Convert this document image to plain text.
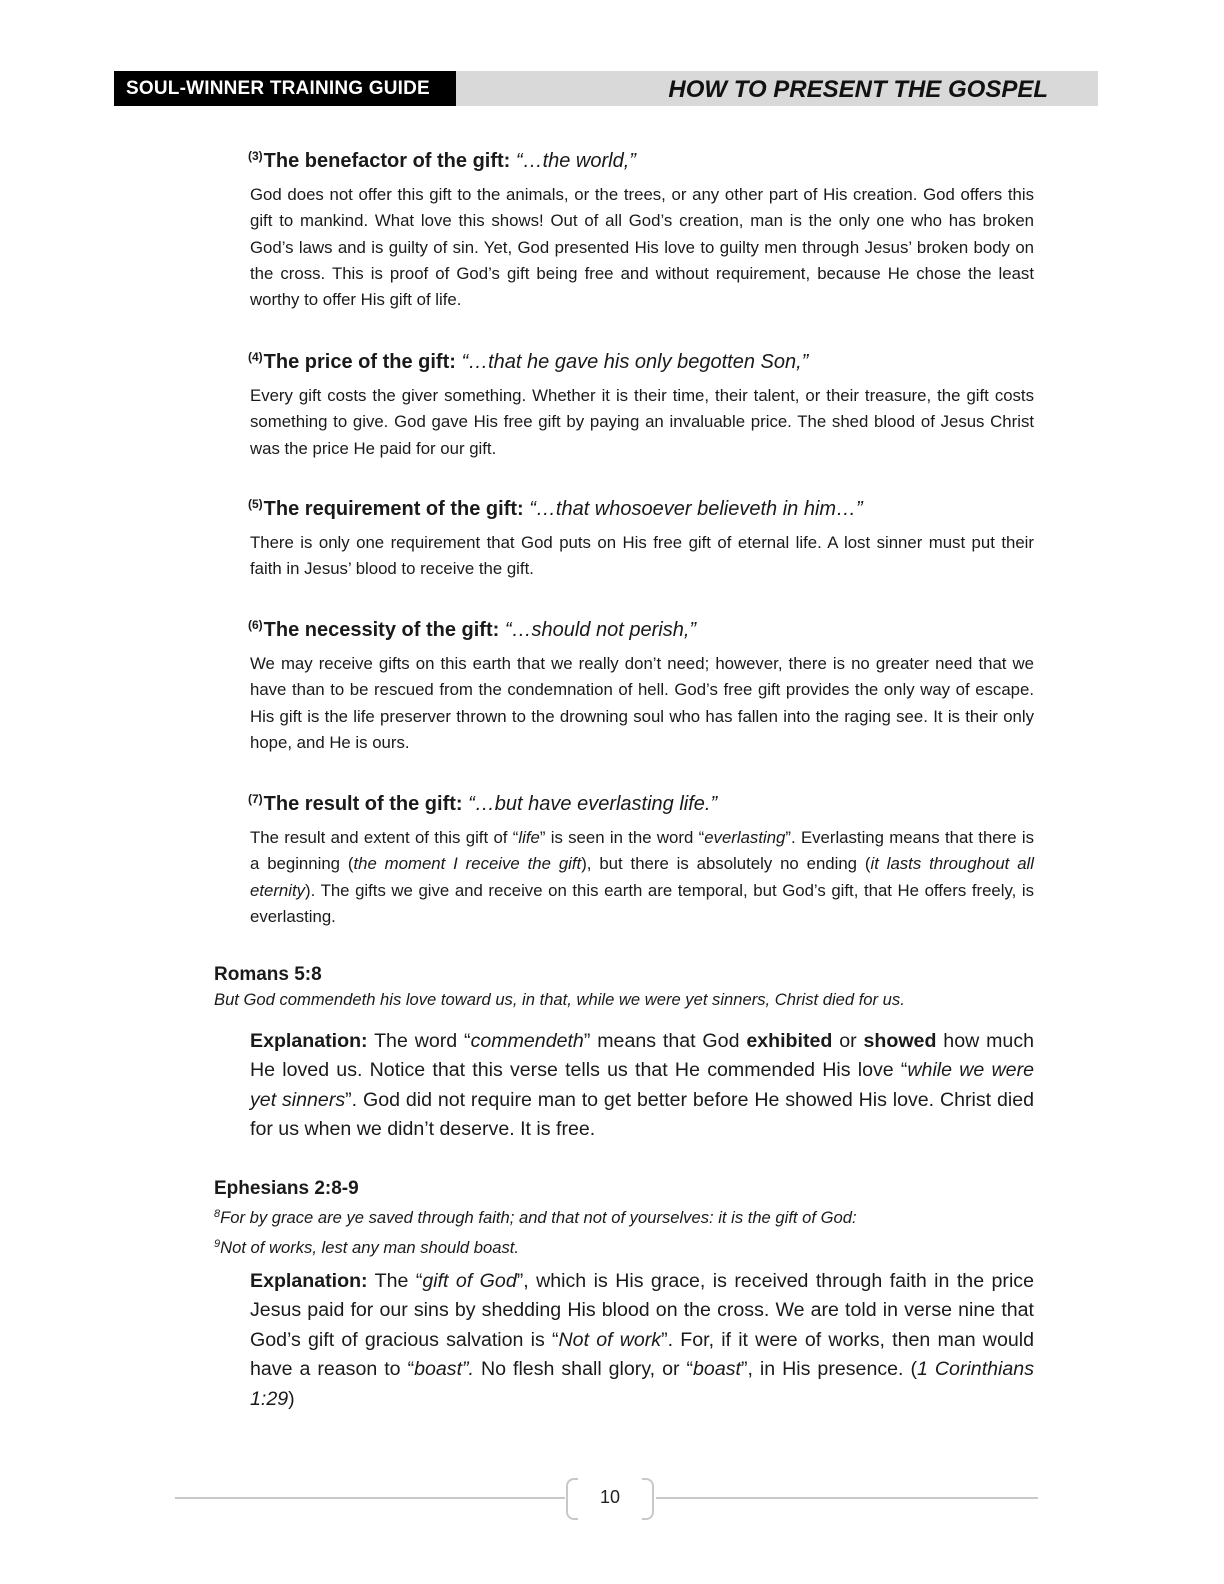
SOUL-WINNER TRAINING GUIDE	HOW TO PRESENT THE GOSPEL
$^{(3)}$The benefactor of the gift: “…the world,”

God does not offer this gift to the animals, or the trees, or any other part of His creation. God offers this gift to mankind. What love this shows! Out of all God’s creation, man is the only one who has broken God’s laws and is guilty of sin. Yet, God presented His love to guilty men through Jesus’ broken body on the cross. This is proof of God’s gift being free and without requirement, because He chose the least worthy to offer His gift of life.

$^{(4)}$The price of the gift: “…that he gave his only begotten Son,”

Every gift costs the giver something. Whether it is their time, their talent, or their treasure, the gift costs something to give. God gave His free gift by paying an invaluable price. The shed blood of Jesus Christ was the price He paid for our gift.

$^{(5)}$The requirement of the gift: “…that whosoever believeth in him…”

There is only one requirement that God puts on His free gift of eternal life. A lost sinner must put their faith in Jesus’ blood to receive the gift.

$^{(6)}$The necessity of the gift: “…should not perish,”

We may receive gifts on this earth that we really don’t need; however, there is no greater need that we have than to be rescued from the condemnation of hell. God’s free gift provides the only way of escape. His gift is the life preserver thrown to the drowning soul who has fallen into the raging see. It is their only hope, and He is ours.

$^{(7)}$The result of the gift: “…but have everlasting life.”

The result and extent of this gift of “life” is seen in the word “everlasting”. Everlasting means that there is a beginning (the moment I receive the gift), but there is absolutely no ending (it lasts throughout all eternity). The gifts we give and receive on this earth are temporal, but God’s gift, that He offers freely, is everlasting.

Romans 5:8

But God commendeth his love toward us, in that, while we were yet sinners, Christ died for us.

Explanation: The word “commendeth” means that God exhibited or showed how much He loved us. Notice that this verse tells us that He commended His love “while we were yet sinners”. God did not require man to get better before He showed His love. Christ died for us when we didn’t deserve. It is free.

Ephesians 2:8-9

$^8$For by grace are ye saved through faith; and that not of yourselves: it is the gift of God:
$^9$Not of works, lest any man should boast.

Explanation: The “gift of God”, which is His grace, is received through faith in the price Jesus paid for our sins by shedding His blood on the cross. We are told in verse nine that God’s gift of gracious salvation is “Not of work”. For, if it were of works, then man would have a reason to “boast”. No flesh shall glory, or “boast”, in His presence. (1 Corinthians 1:29)

10
